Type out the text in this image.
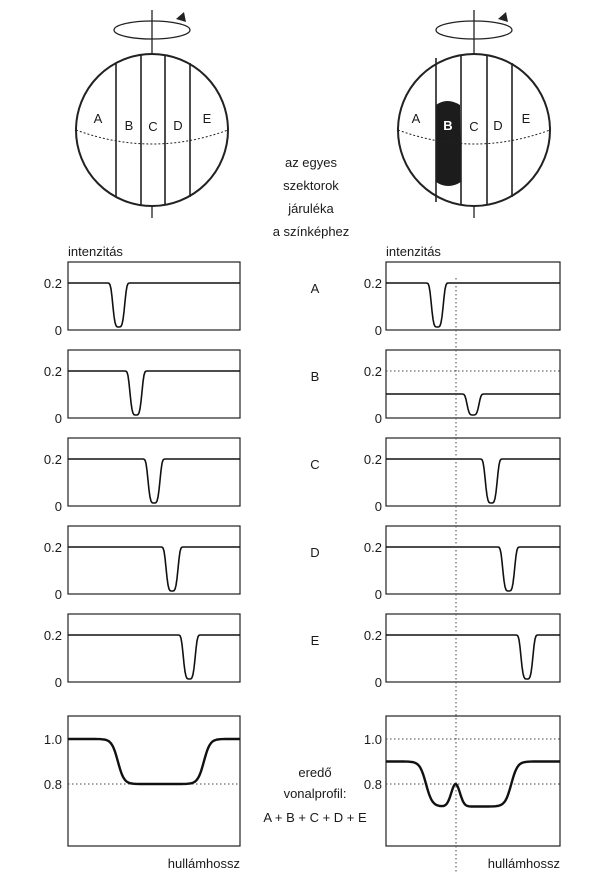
A B C D E	A B C D E
az egyes
szektorok
járuléka
a színképhez
intenzitás	intenzitás
hullámhossz	hullámhossz
A
B
C
D
E
eredő
vonalprofil:
A + B + C + D + E
0.2
0
0.2
0
0.2
0
0.2
0
0.2
0
1.0
0.8
0.2
0
0.2
0
0.2
0
0.2
0
0.2
0
1.0
0.8
